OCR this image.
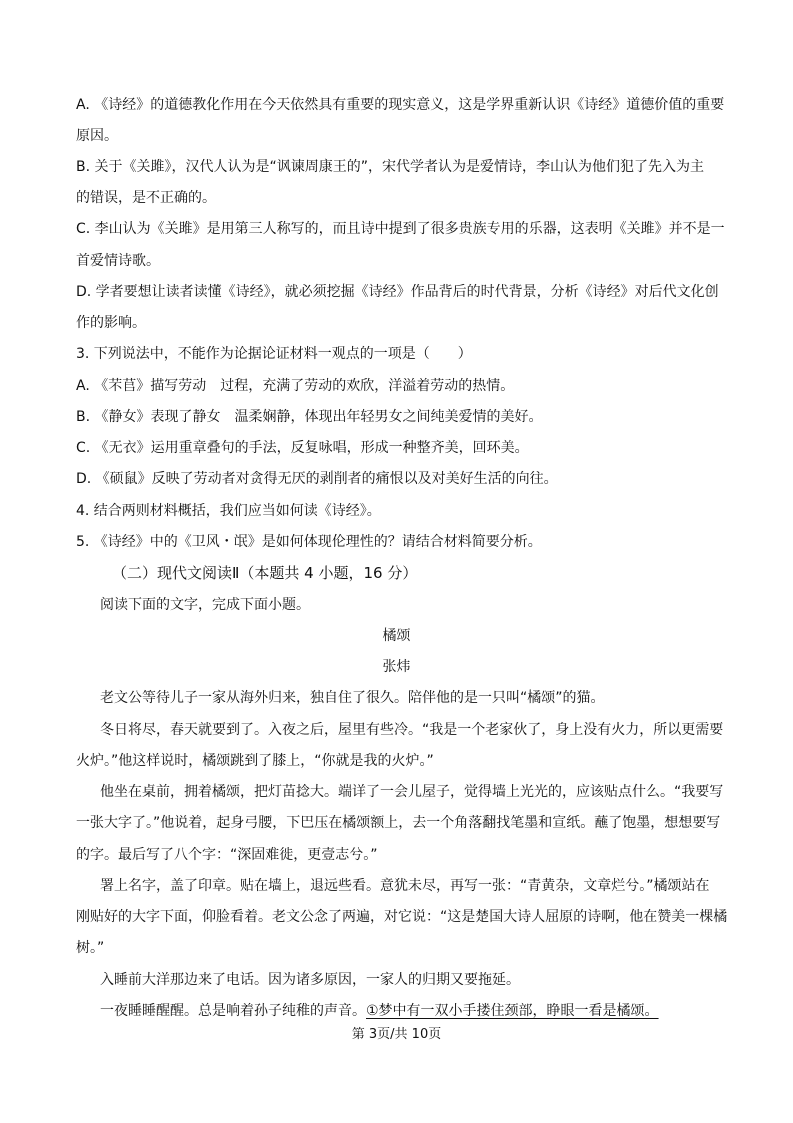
A. 《诗经》的道德教化作用在今天依然具有重要的现实意义，这是学界重新认识《诗经》道德价值的重要
原因。
B. 关于《关雎》，汉代人认为是“讽谏周康王的”，宋代学者认为是爱情诗，李山认为他们犯了先入为主
的错误，是不正确的。
C. 李山认为《关雎》是用第三人称写的，而且诗中提到了很多贵族专用的乐器，这表明《关雎》并不是一
首爱情诗歌。
D. 学者要想让读者读懂《诗经》，就必须挖掘《诗经》作品背后的时代背景，分析《诗经》对后代文化创
作的影响。
3. 下列说法中，不能作为论据论证材料一观点的一项是（　　）
A. 《芣苢》描写劳动　过程，充满了劳动的欢欣，洋溢着劳动的热情。
B. 《静女》表现了静女　温柔娴静，体现出年轻男女之间纯美爱情的美好。
C. 《无衣》运用重章叠句的手法，反复咏唱，形成一种整齐美，回环美。
D. 《硕鼠》反映了劳动者对贪得无厌的剥削者的痛恨以及对美好生活的向往。
4. 结合两则材料概括，我们应当如何读《诗经》。
5. 《诗经》中的《卫风・氓》是如何体现伦理性的？请结合材料简要分析。
（二）现代文阅读Ⅱ（本题共 4 小题，16 分）
阅读下面的文字，完成下面小题。
橘颂
张炜
老文公等待儿子一家从海外归来，独自住了很久。陪伴他的是一只叫“橘颂”的猫。
冬日将尽，春天就要到了。入夜之后，屋里有些冷。“我是一个老家伙了，身上没有火力，所以更需要
火炉。”他这样说时，橘颂跳到了膝上，“你就是我的火炉。”
他坐在桌前，拥着橘颂，把灯苗捻大。端详了一会儿屋子，觉得墙上光光的，应该贴点什么。“我要写
一张大字了。”他说着，起身弓腰，下巴压在橘颂额上，去一个角落翻找笔墨和宣纸。蘸了饱墨，想想要写
的字。最后写了八个字：“深固难徙，更壹志兮。”
署上名字，盖了印章。贴在墙上，退远些看。意犹未尽，再写一张：“青黄杂，文章烂兮。”橘颂站在
刚贴好的大字下面，仰脸看着。老文公念了两遍，对它说：“这是楚国大诗人屈原的诗啊，他在赞美一棵橘
树。”
入睡前大洋那边来了电话。因为诸多原因，一家人的归期又要拖延。
一夜睡睡醒醒。总是响着孙子纯稚的声音。①梦中有一双小手搂住颈部，睁眼一看是橘颂。
第 3页/共 10页
